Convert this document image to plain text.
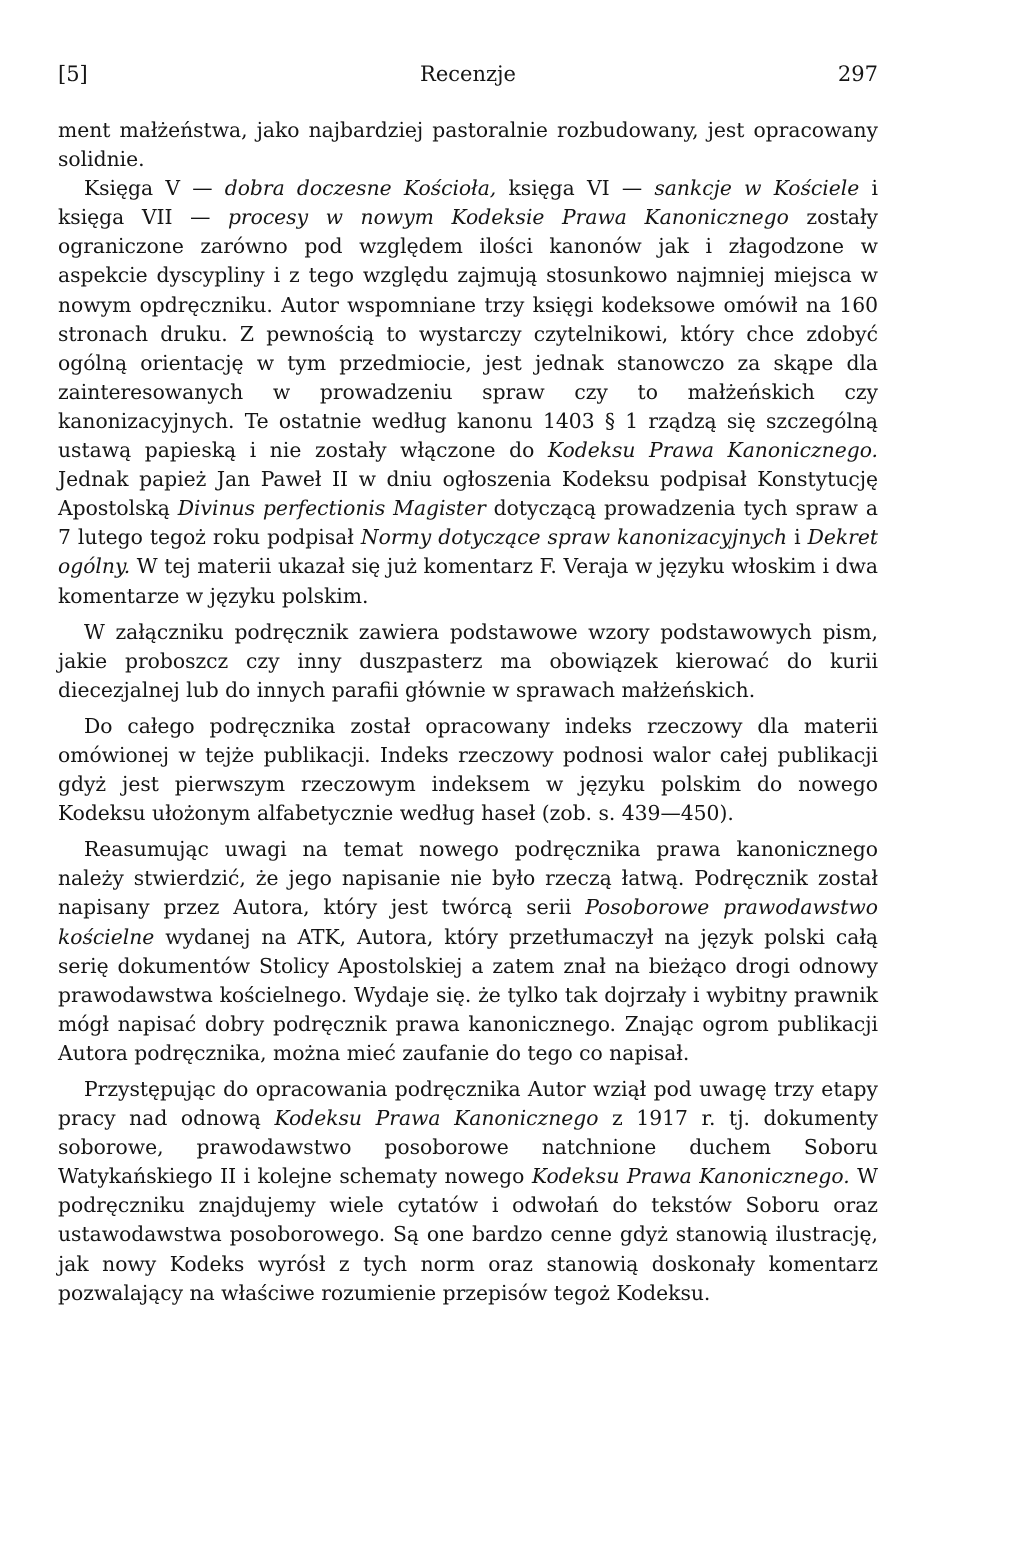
[5]	Recenzje	297

ment małżeństwa, jako najbardziej pastoralnie rozbudowany, jest opracowany solidnie.

Księga V — dobra doczesne Kościoła, księga VI — sankcje w Kościele i księga VII — procesy w nowym Kodeksie Prawa Kanonicznego zostały ograniczone zarówno pod względem ilości kanonów jak i złagodzone w aspekcie dyscypliny i z tego względu zajmują stosunkowo najmniej miejsca w nowym opdręczniku. Autor wspomniane trzy księgi kodeksowe omówił na 160 stronach druku. Z pewnością to wystarczy czytelnikowi, który chce zdobyć ogólną orientację w tym przedmiocie, jest jednak stanowczo za skąpe dla zainteresowanych w prowadzeniu spraw czy to małżeńskich czy kanonizacyjnych. Te ostatnie według kanonu 1403 § 1 rządzą się szczególną ustawą papieską i nie zostały włączone do Kodeksu Prawa Kanonicznego. Jednak papież Jan Paweł II w dniu ogłoszenia Kodeksu podpisał Konstytucję Apostolską Divinus perfectionis Magister dotyczącą prowadzenia tych spraw a 7 lutego tegoż roku podpisał Normy dotyczące spraw kanonizacyjnych i Dekret ogólny. W tej materii ukazał się już komentarz F. Veraja w języku włoskim i dwa komentarze w języku polskim.

W załączniku podręcznik zawiera podstawowe wzory podstawowych pism, jakie proboszcz czy inny duszpasterz ma obowiązek kierować do kurii diecezjalnej lub do innych parafii głównie w sprawach małżeńskich.

Do całego podręcznika został opracowany indeks rzeczowy dla materii omówionej w tejże publikacji. Indeks rzeczowy podnosi walor całej publikacji gdyż jest pierwszym rzeczowym indeksem w języku polskim do nowego Kodeksu ułożonym alfabetycznie według haseł (zob. s. 439—450).

Reasumując uwagi na temat nowego podręcznika prawa kanonicznego należy stwierdzić, że jego napisanie nie było rzeczą łatwą. Podręcznik został napisany przez Autora, który jest twórcą serii Posoborowe prawodawstwo kościelne wydanej na ATK, Autora, który przetłumaczył na język polski całą serię dokumentów Stolicy Apostolskiej a zatem znał na bieżąco drogi odnowy prawodawstwa kościelnego. Wydaje się. że tylko tak dojrzały i wybitny prawnik mógł napisać dobry podręcznik prawa kanonicznego. Znając ogrom publikacji Autora podręcznika, można mieć zaufanie do tego co napisał.

Przystępując do opracowania podręcznika Autor wziął pod uwagę trzy etapy pracy nad odnową Kodeksu Prawa Kanonicznego z 1917 r. tj. dokumenty soborowe, prawodawstwo posoborowe natchnione duchem Soboru Watykańskiego II i kolejne schematy nowego Kodeksu Prawa Kanonicznego. W podręczniku znajdujemy wiele cytatów i odwołań do tekstów Soboru oraz ustawodawstwa posoborowego. Są one bardzo cenne gdyż stanowią ilustrację, jak nowy Kodeks wyrósł z tych norm oraz stanowią doskonały komentarz pozwalający na właściwe rozumienie przepisów tegoż Kodeksu.
